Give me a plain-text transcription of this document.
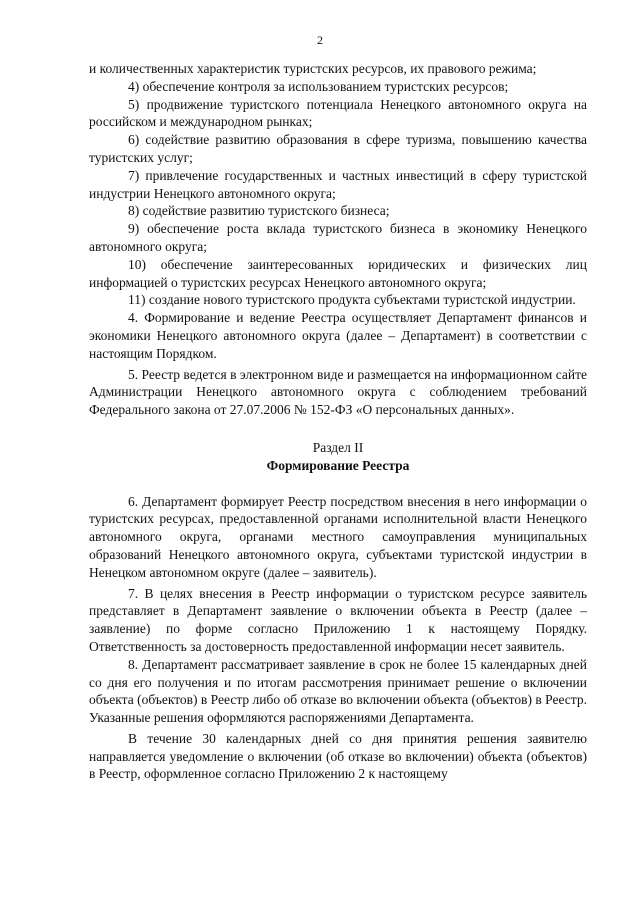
2

и количественных характеристик туристских ресурсов, их правового режима;

4) обеспечение контроля за использованием туристских ресурсов;

5) продвижение туристского потенциала Ненецкого автономного округа на российском и международном рынках;

6) содействие развитию образования в сфере туризма, повышению качества туристских услуг;

7) привлечение государственных и частных инвестиций в сферу туристской индустрии Ненецкого автономного округа;

8) содействие развитию туристского бизнеса;

9) обеспечение роста вклада туристского бизнеса в экономику Ненецкого автономного округа;

10) обеспечение заинтересованных юридических и физических лиц информацией о туристских ресурсах Ненецкого автономного округа;

11) создание нового туристского продукта субъектами туристской индустрии.

4. Формирование и ведение Реестра осуществляет Департамент финансов и экономики Ненецкого автономного округа (далее – Департамент) в соответствии с настоящим Порядком.

5. Реестр ведется в электронном виде и размещается на информационном сайте Администрации Ненецкого автономного округа с соблюдением требований Федерального закона от 27.07.2006 № 152-ФЗ «О персональных данных».

Раздел II

Формирование Реестра

6. Департамент формирует Реестр посредством внесения в него информации о туристских ресурсах, предоставленной органами исполнительной власти Ненецкого автономного округа, органами местного самоуправления муниципальных образований Ненецкого автономного округа, субъектами туристской индустрии в Ненецком автономном округе (далее – заявитель).

7. В целях внесения в Реестр информации о туристском ресурсе заявитель представляет в Департамент заявление о включении объекта в Реестр (далее – заявление) по форме согласно Приложению 1 к настоящему Порядку. Ответственность за достоверность предоставленной информации несет заявитель.

8. Департамент рассматривает заявление в срок не более 15 календарных дней со дня его получения и по итогам рассмотрения принимает решение о включении объекта (объектов) в Реестр либо об отказе во включении объекта (объектов) в Реестр. Указанные решения оформляются распоряжениями Департамента.

В течение 30 календарных дней со дня принятия решения заявителю направляется уведомление о включении (об отказе во включении) объекта (объектов) в Реестр, оформленное согласно Приложению 2 к настоящему
